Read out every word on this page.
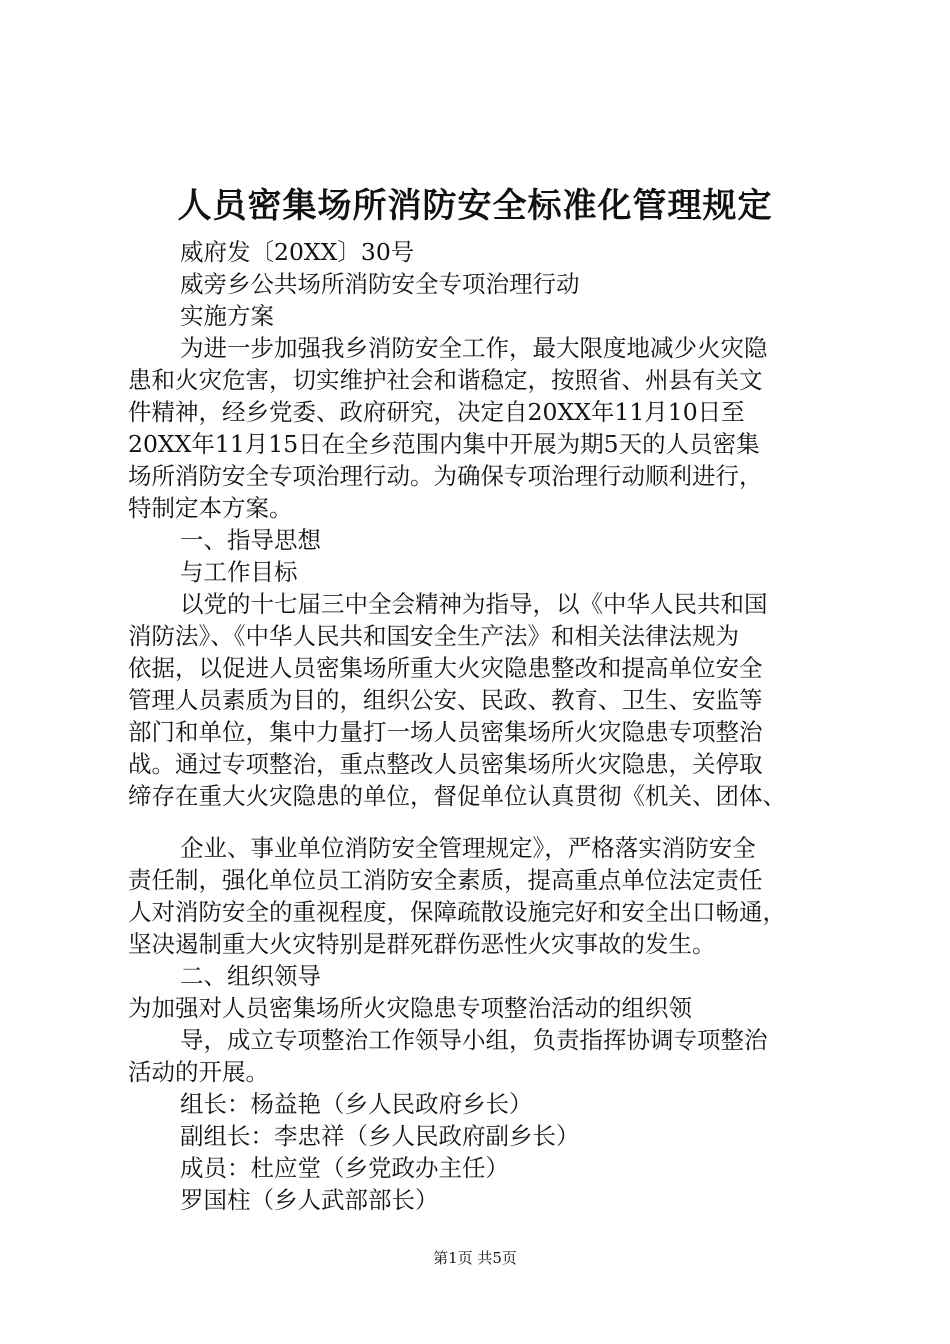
人员密集场所消防安全标准化管理规定
威府发〔20XX〕30号
威旁乡公共场所消防安全专项治理行动
实施方案
为进一步加强我乡消防安全工作，最大限度地减少火灾隐
患和火灾危害，切实维护社会和谐稳定，按照省、州县有关文
件精神，经乡党委、政府研究，决定自20XX年11月10日至
20XX年11月15日在全乡范围内集中开展为期5天的人员密集
场所消防安全专项治理行动。为确保专项治理行动顺利进行，
特制定本方案。
一、指导思想
与工作目标
以党的十七届三中全会精神为指导，以《中华人民共和国
消防法》、《中华人民共和国安全生产法》和相关法律法规为
依据，以促进人员密集场所重大火灾隐患整改和提高单位安全
管理人员素质为目的，组织公安、民政、教育、卫生、安监等
部门和单位，集中力量打一场人员密集场所火灾隐患专项整治
战。通过专项整治，重点整改人员密集场所火灾隐患，关停取
缔存在重大火灾隐患的单位，督促单位认真贯彻《机关、团体、
企业、事业单位消防安全管理规定》，严格落实消防安全
责任制，强化单位员工消防安全素质，提高重点单位法定责任
人对消防安全的重视程度，保障疏散设施完好和安全出口畅通，
坚决遏制重大火灾特别是群死群伤恶性火灾事故的发生。
二、组织领导
为加强对人员密集场所火灾隐患专项整治活动的组织领
导，成立专项整治工作领导小组，负责指挥协调专项整治
活动的开展。
组长：杨益艳（乡人民政府乡长）
副组长：李忠祥（乡人民政府副乡长）
成员：杜应堂（乡党政办主任）
罗国柱（乡人武部部长）
第1页 共5页
